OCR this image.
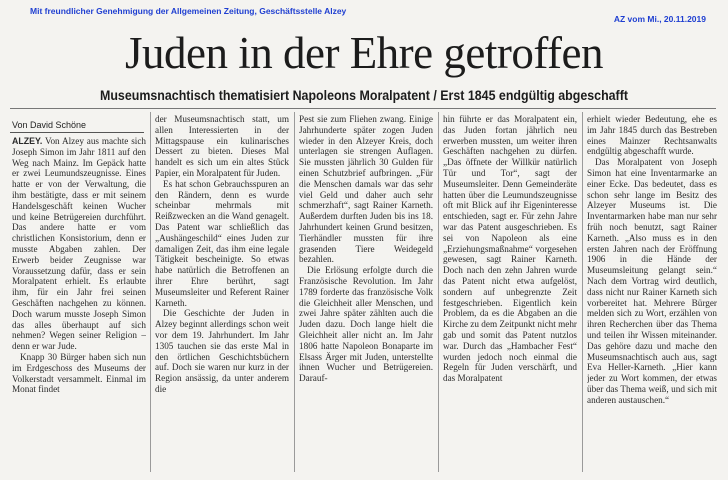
Mit freundlicher Genehmigung der Allgemeinen Zeitung, Geschäftsstelle Alzey
AZ vom Mi., 20.11.2019

Juden in der Ehre getroffen
Museumsnachtisch thematisiert Napoleons Moralpatent / Erst 1845 endgültig abgeschafft
Von David Schöne

ALZEY. Von Alzey aus machte sich Joseph Simon im Jahr 1811 auf den Weg nach Mainz. Im Gepäck hatte er zwei Leumundszeugnisse. Eines hatte er von der Verwaltung, die ihm bestätigte, dass er mit seinem Handelsgeschäft keinen Wucher und keine Betrügereien durchführt. Das andere hatte er vom christlichen Konsistorium, denn er musste Abgaben zahlen. Der Erwerb beider Zeugnisse war Voraussetzung dafür, dass er sein Moralpatent erhielt. Es erlaubte ihm, für ein Jahr frei seinen Geschäften nachgehen zu können. Doch warum musste Joseph Simon das alles überhaupt auf sich nehmen? Wegen seiner Religion – denn er war Jude.

Knapp 30 Bürger haben sich nun im Erdgeschoss des Museums der Volkerstadt versammelt. Einmal im Monat findet

der Museumsnachtisch statt, um allen Interessierten in der Mittagspause ein kulinarisches Dessert zu bieten. Dieses Mal handelt es sich um ein altes Stück Papier, ein Moralpatent für Juden.

Es hat schon Gebrauchsspuren an den Rändern, denn es wurde scheinbar mehrmals mit Reißzwecken an die Wand genagelt. Das Patent war schließlich das „Aushängeschild“ eines Juden zur damaligen Zeit, das ihm eine legale Tätigkeit bescheinigte. So etwas habe natürlich die Betroffenen an ihrer Ehre berührt, sagt Museumsleiter und Referent Rainer Karneth.

Die Geschichte der Juden in Alzey beginnt allerdings schon weit vor dem 19. Jahrhundert. Im Jahr 1305 tauchen sie das erste Mal in den örtlichen Geschichtsbüchern auf. Doch sie waren nur kurz in der Region ansässig, da unter anderem die

Pest sie zum Fliehen zwang. Einige Jahrhunderte später zogen Juden wieder in den Alzeyer Kreis, doch unterlagen sie strengen Auflagen. Sie mussten jährlich 30 Gulden für einen Schutzbrief aufbringen. „Für die Menschen damals war das sehr viel Geld und daher auch sehr schmerzhaft“, sagt Rainer Karneth. Außerdem durften Juden bis ins 18. Jahrhundert keinen Grund besitzen, Tierhändler mussten für ihre grasenden Tiere Weidegeld bezahlen.

Die Erlösung erfolgte durch die Französische Revolution. Im Jahr 1789 forderte das französische Volk die Gleichheit aller Menschen, und zwei Jahre später zählten auch die Juden dazu. Doch lange hielt die Gleichheit aller nicht an. Im Jahr 1806 hatte Napoleon Bonaparte im Elsass Ärger mit Juden, unterstellte ihnen Wucher und Betrügereien. Darauf-

hin führte er das Moralpatent ein, das Juden fortan jährlich neu erwerben mussten, um weiter ihren Geschäften nachgehen zu dürfen. „Das öffnete der Willkür natürlich Tür und Tor“, sagt der Museumsleiter. Denn Gemeinderäte hatten über die Leumundszeugnisse oft mit Blick auf ihr Eigeninteresse entschieden, sagt er. Für zehn Jahre war das Patent ausgeschrieben. Es sei von Napoleon als eine „Erziehungsmaßnahme“ vorgesehen gewesen, sagt Rainer Karneth. Doch nach den zehn Jahren wurde das Patent nicht etwa aufgelöst, sondern auf unbegrenzte Zeit festgeschrieben. Eigentlich kein Problem, da es die Abgaben an die Kirche zu dem Zeitpunkt nicht mehr gab und somit das Patent nutzlos war. Durch das „Hambacher Fest“ wurden jedoch noch einmal die Regeln für Juden verschärft, und das Moralpatent

erhielt wieder Bedeutung, ehe es im Jahr 1845 durch das Bestreben eines Mainzer Rechtsanwalts endgültig abgeschafft wurde.

Das Moralpatent von Joseph Simon hat eine Inventarmarke an einer Ecke. Das bedeutet, dass es schon sehr lange im Besitz des Alzeyer Museums ist. Die Inventarmarken habe man nur sehr früh noch benutzt, sagt Rainer Karneth. „Also muss es in den ersten Jahren nach der Eröffnung 1906 in die Hände der Museumsleitung gelangt sein.“ Nach dem Vortrag wird deutlich, dass nicht nur Rainer Karneth sich vorbereitet hat. Mehrere Bürger melden sich zu Wort, erzählen von ihren Recherchen über das Thema und teilen ihr Wissen miteinander. Das gehöre dazu und mache den Museumsnachtisch auch aus, sagt Eva Heller-Karneth. „Hier kann jeder zu Wort kommen, der etwas über das Thema weiß, und sich mit anderen austauschen.“
